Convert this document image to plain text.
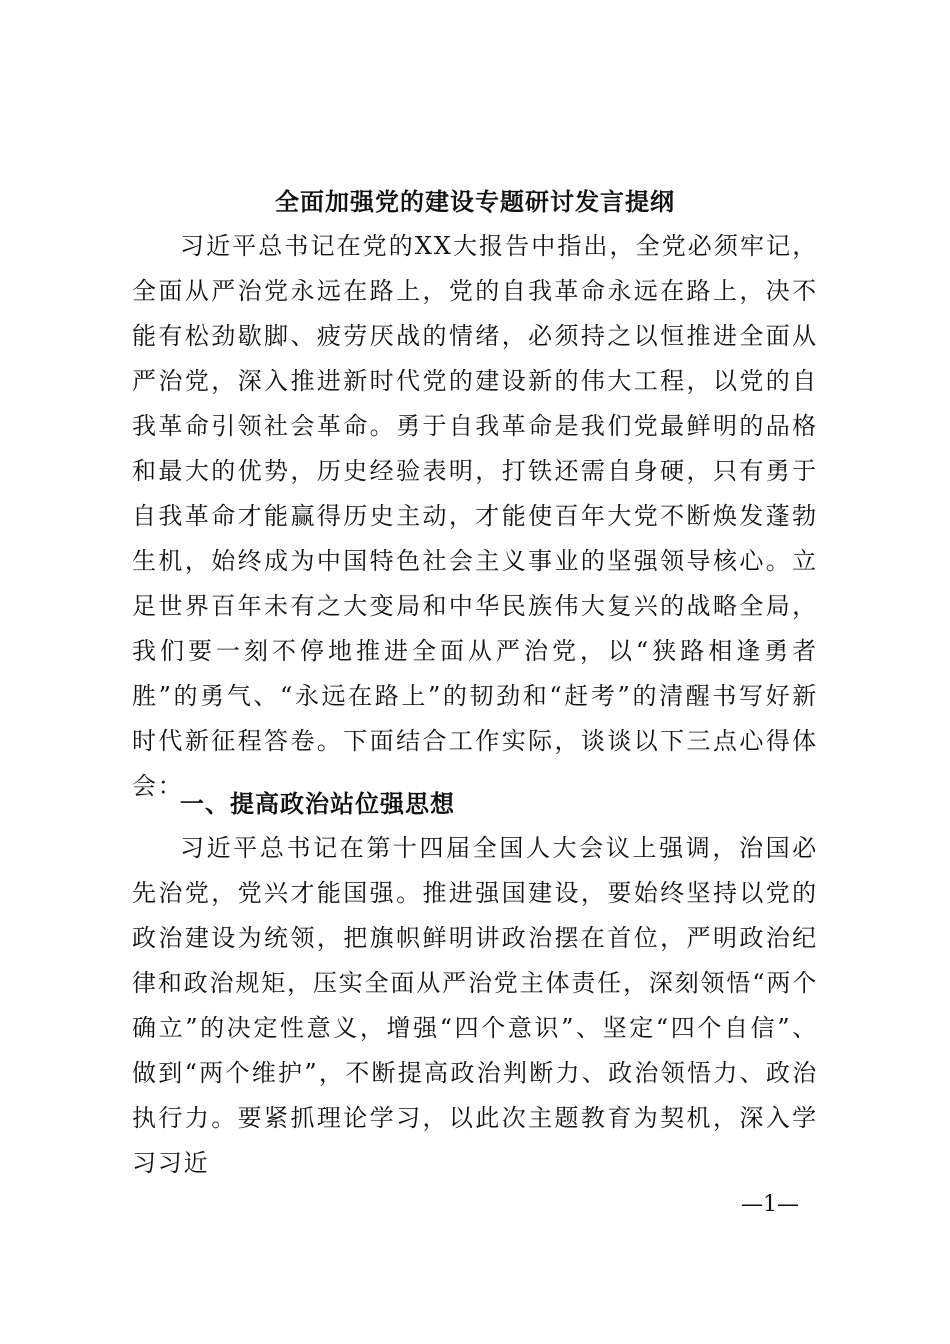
全面加强党的建设专题研讨发言提纲
习近平总书记在党的XX大报告中指出，全党必须牢记，全面从严治党永远在路上，党的自我革命永远在路上，决不能有松劲歇脚、疲劳厌战的情绪，必须持之以恒推进全面从严治党，深入推进新时代党的建设新的伟大工程，以党的自我革命引领社会革命。勇于自我革命是我们党最鲜明的品格和最大的优势，历史经验表明，打铁还需自身硬，只有勇于自我革命才能赢得历史主动，才能使百年大党不断焕发蓬勃生机，始终成为中国特色社会主义事业的坚强领导核心。立足世界百年未有之大变局和中华民族伟大复兴的战略全局，我们要一刻不停地推进全面从严治党，以“狭路相逢勇者胜”的勇气、“永远在路上”的韧劲和“赶考”的清醒书写好新时代新征程答卷。下面结合工作实际，谈谈以下三点心得体会：
一、提高政治站位强思想
习近平总书记在第十四届全国人大会议上强调，治国必先治党，党兴才能国强。推进强国建设，要始终坚持以党的政治建设为统领，把旗帜鲜明讲政治摆在首位，严明政治纪律和政治规矩，压实全面从严治党主体责任，深刻领悟“两个确立”的决定性意义，增强“四个意识”、坚定“四个自信”、做到“两个维护”，不断提高政治判断力、政治领悟力、政治执行力。要紧抓理论学习，以此次主题教育为契机，深入学习习近
—1—
